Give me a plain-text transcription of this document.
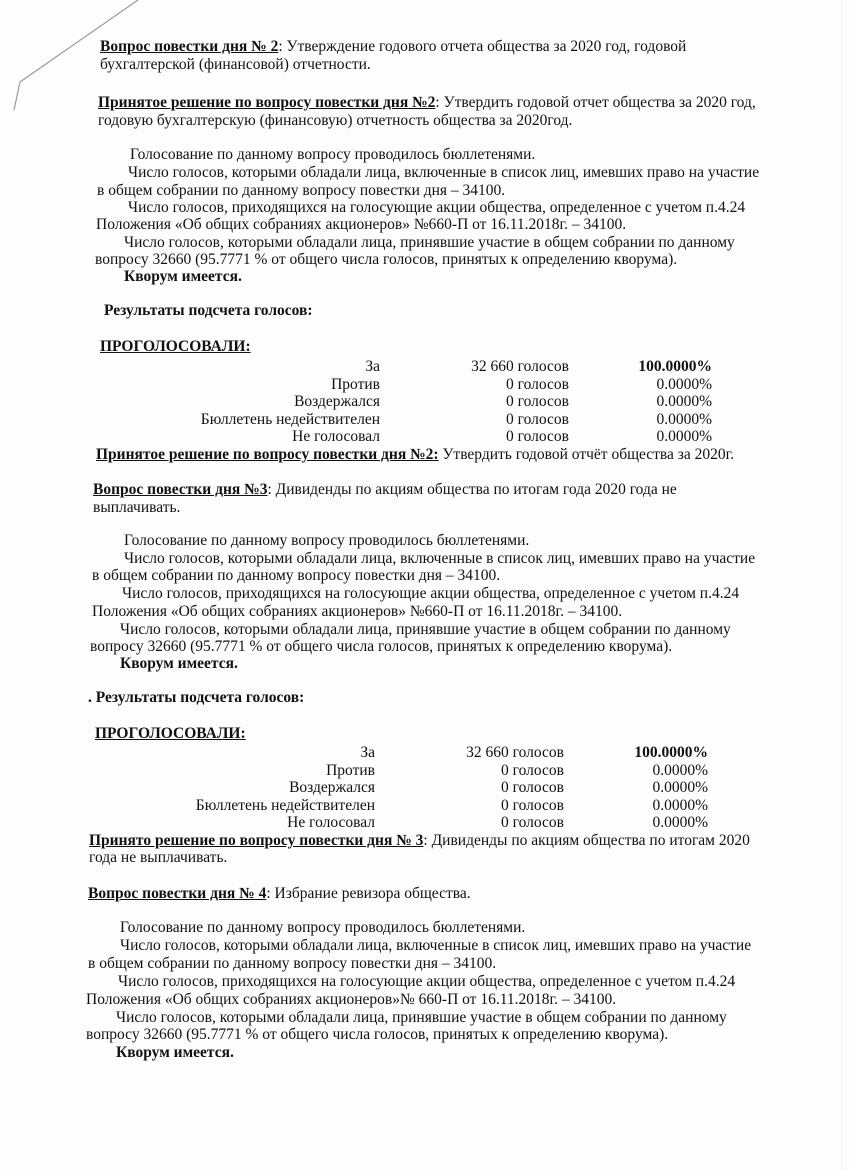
Вопрос повестки дня № 2: Утверждение годового отчета общества за 2020 год, годовой
бухгалтерской (финансовой) отчетности.
Принятое решение по вопросу повестки дня №2: Утвердить годовой отчет общества за 2020 год,
годовую бухгалтерскую (финансовую) отчетность общества за 2020год.
Голосование по данному вопросу проводилось бюллетенями.
Число голосов, которыми обладали лица, включенные в список лиц, имевших право на участие
в общем собрании по данному вопросу повестки дня – 34100.
Число голосов, приходящихся на голосующие акции общества, определенное с учетом п.4.24
Положения «Об общих собраниях акционеров» №660-П от 16.11.2018г. – 34100.
Число голосов, которыми обладали лица, принявшие участие в общем собрании по данному
вопросу 32660 (95.7771 % от общего числа голосов, принятых к определению кворума).
Кворум имеется.
Результаты подсчета голосов:
ПРОГОЛОСОВАЛИ:
За	32 660 голосов	100.0000%
Против	0 голосов	0.0000%
Воздержался	0 голосов	0.0000%
Бюллетень недействителен	0 голосов	0.0000%
Не голосовал	0 голосов	0.0000%
Принятое решение по вопросу повестки дня №2: Утвердить годовой отчёт общества за 2020г.
Вопрос повестки дня №3: Дивиденды по акциям общества по итогам года 2020 года не
выплачивать.
Голосование по данному вопросу проводилось бюллетенями.
Число голосов, которыми обладали лица, включенные в список лиц, имевших право на участие
в общем собрании по данному вопросу повестки дня – 34100.
Число голосов, приходящихся на голосующие акции общества, определенное с учетом п.4.24
Положения «Об общих собраниях акционеров» №660-П от 16.11.2018г. – 34100.
Число голосов, которыми обладали лица, принявшие участие в общем собрании по данному
вопросу 32660 (95.7771 % от общего числа голосов, принятых к определению кворума).
Кворум имеется.
. Результаты подсчета голосов:
ПРОГОЛОСОВАЛИ:
За	32 660 голосов	100.0000%
Против	0 голосов	0.0000%
Воздержался	0 голосов	0.0000%
Бюллетень недействителен	0 голосов	0.0000%
Не голосовал	0 голосов	0.0000%
Принято решение по вопросу повестки дня № 3: Дивиденды по акциям общества по итогам 2020
года не выплачивать.
Вопрос повестки дня № 4: Избрание ревизора общества.
Голосование по данному вопросу проводилось бюллетенями.
Число голосов, которыми обладали лица, включенные в список лиц, имевших право на участие
в общем собрании по данному вопросу повестки дня – 34100.
Число голосов, приходящихся на голосующие акции общества, определенное с учетом п.4.24
Положения «Об общих собраниях акционеров»№ 660-П от 16.11.2018г. – 34100.
Число голосов, которыми обладали лица, принявшие участие в общем собрании по данному
вопросу 32660 (95.7771 % от общего числа голосов, принятых к определению кворума).
Кворум имеется.
